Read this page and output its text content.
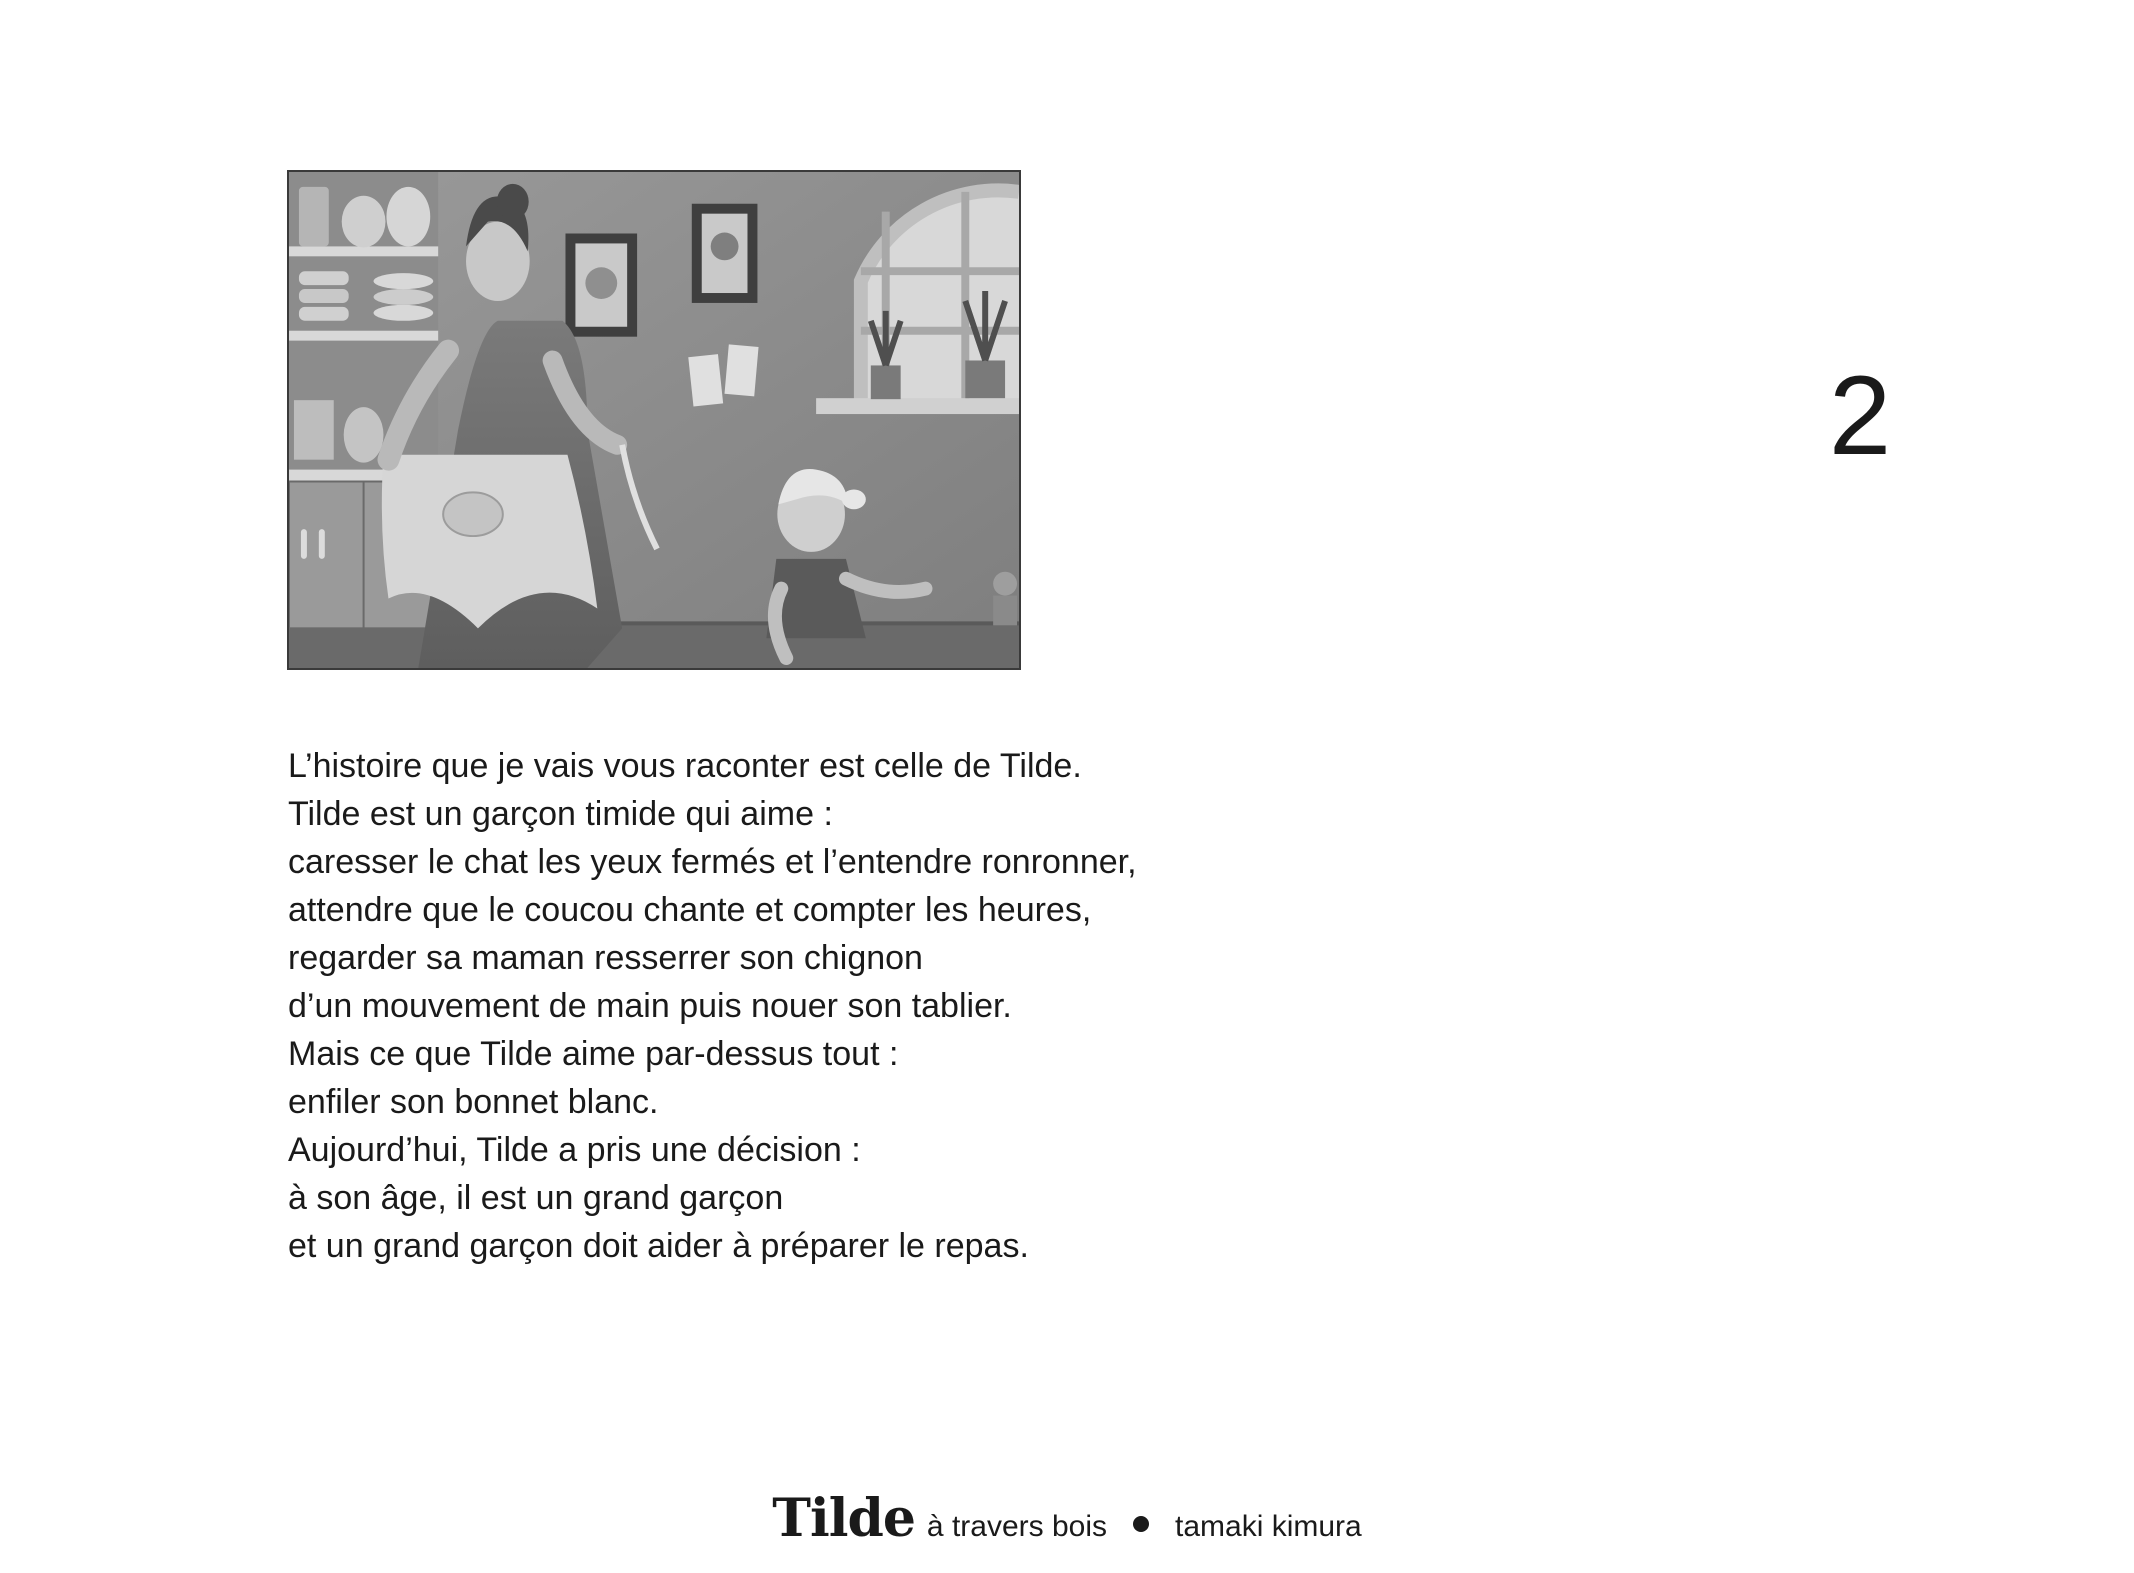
2
L’histoire que je vais vous raconter est celle de Tilde.
Tilde est un garçon timide qui aime :
caresser le chat les yeux fermés et l’entendre ronronner,
attendre que le coucou chante et compter les heures,
regarder sa maman resserrer son chignon
d’un mouvement de main puis nouer son tablier.
Mais ce que Tilde aime par-dessus tout :
enfiler son bonnet blanc.
Aujourd’hui, Tilde a pris une décision :
à son âge, il est un grand garçon
et un grand garçon doit aider à préparer le repas.
Tilde à travers bois tamaki kimura
